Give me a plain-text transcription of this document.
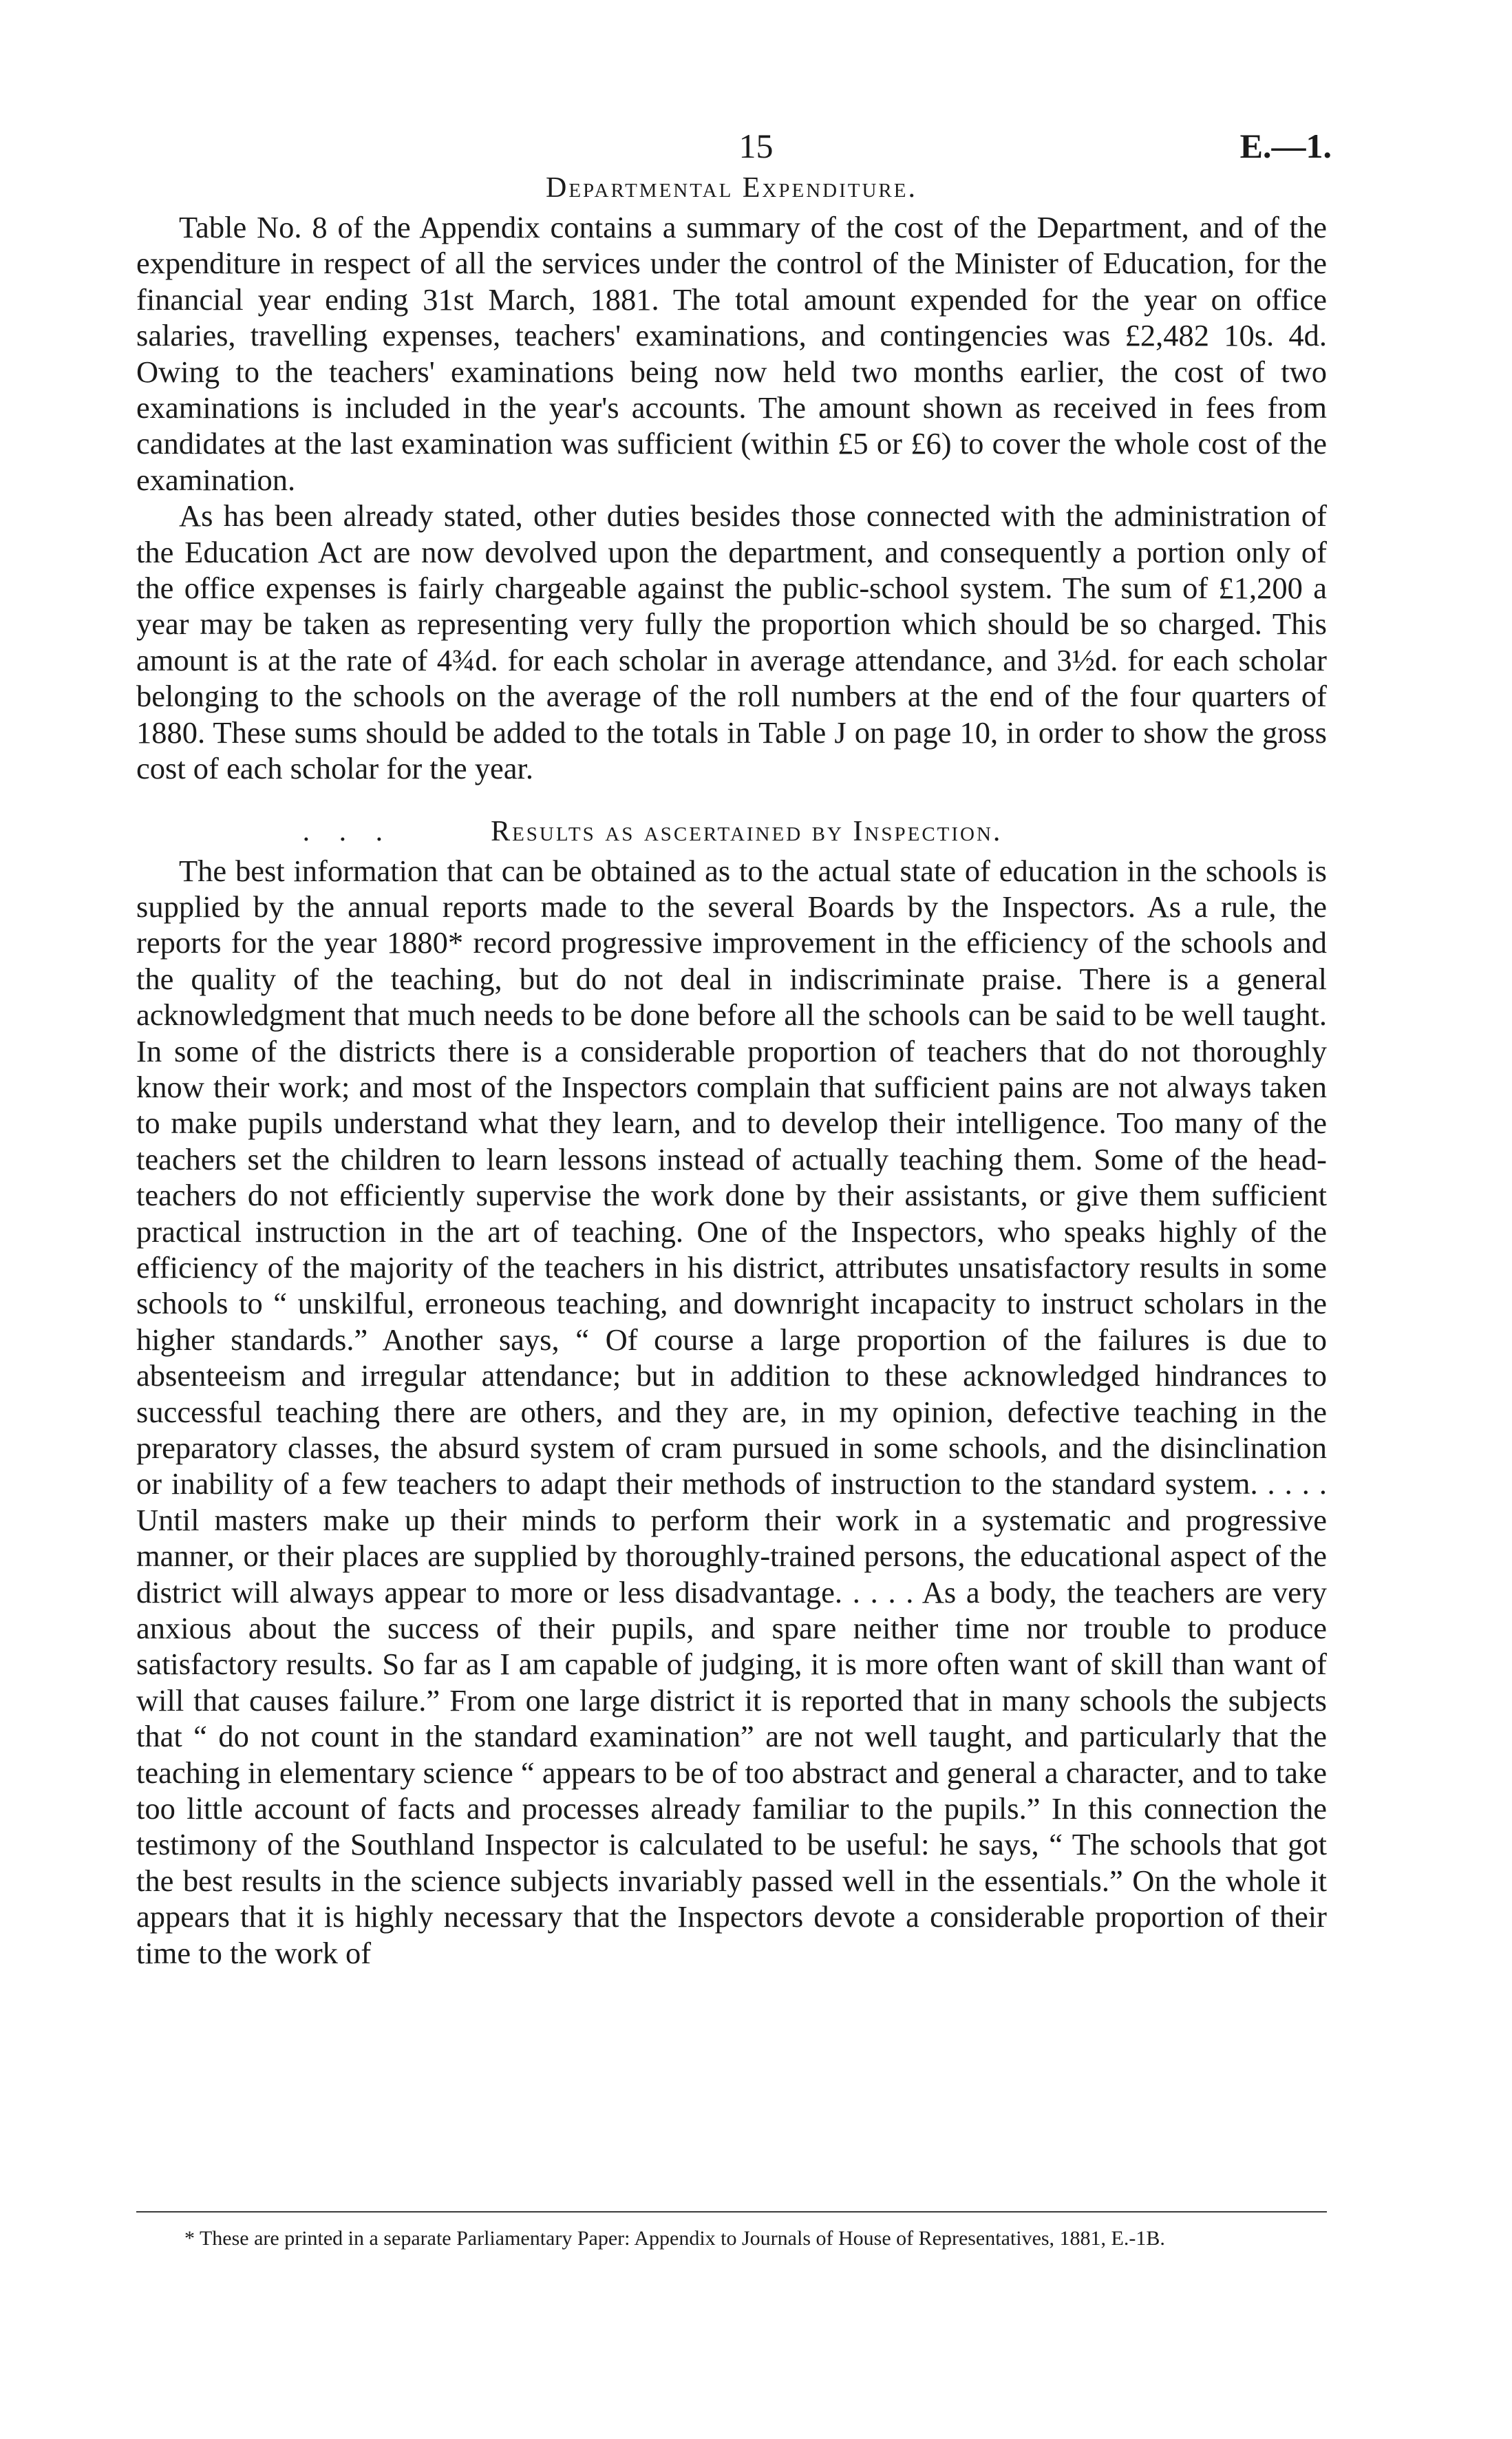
15	E.—1.
Departmental Expenditure.

Table No. 8 of the Appendix contains a summary of the cost of the Department, and of the expenditure in respect of all the services under the control of the Minister of Education, for the financial year ending 31st March, 1881. The total amount expended for the year on office salaries, travelling expenses, teachers' examinations, and contingencies was £2,482 10s. 4d. Owing to the teachers' examinations being now held two months earlier, the cost of two examinations is included in the year's accounts. The amount shown as received in fees from candidates at the last examination was sufficient (within £5 or £6) to cover the whole cost of the examination.

As has been already stated, other duties besides those connected with the administration of the Education Act are now devolved upon the department, and consequently a portion only of the office expenses is fairly chargeable against the public-school system. The sum of £1,200 a year may be taken as representing very fully the proportion which should be so charged. This amount is at the rate of 4¾d. for each scholar in average attendance, and 3½d. for each scholar belonging to the schools on the average of the roll numbers at the end of the four quarters of 1880. These sums should be added to the totals in Table J on page 10, in order to show the gross cost of each scholar for the year.

. . .	Results as ascertained by Inspection.

The best information that can be obtained as to the actual state of education in the schools is supplied by the annual reports made to the several Boards by the Inspectors. As a rule, the reports for the year 1880* record progressive improvement in the efficiency of the schools and the quality of the teaching, but do not deal in indiscriminate praise. There is a general acknowledgment that much needs to be done before all the schools can be said to be well taught. In some of the districts there is a considerable proportion of teachers that do not thoroughly know their work; and most of the Inspectors complain that sufficient pains are not always taken to make pupils understand what they learn, and to develop their intelligence. Too many of the teachers set the children to learn lessons instead of actually teaching them. Some of the head-teachers do not efficiently supervise the work done by their assistants, or give them sufficient practical instruction in the art of teaching. One of the Inspectors, who speaks highly of the efficiency of the majority of the teachers in his district, attributes unsatisfactory results in some schools to “ unskilful, erroneous teaching, and downright incapacity to instruct scholars in the higher standards.” Another says, “ Of course a large proportion of the failures is due to absenteeism and irregular attendance; but in addition to these acknowledged hindrances to successful teaching there are others, and they are, in my opinion, defective teaching in the preparatory classes, the absurd system of cram pursued in some schools, and the disinclination or inability of a few teachers to adapt their methods of instruction to the standard system. . . . . Until masters make up their minds to perform their work in a systematic and progressive manner, or their places are supplied by thoroughly-trained persons, the educational aspect of the district will always appear to more or less disadvantage. . . . . As a body, the teachers are very anxious about the success of their pupils, and spare neither time nor trouble to produce satisfactory results. So far as I am capable of judging, it is more often want of skill than want of will that causes failure.” From one large district it is reported that in many schools the subjects that “ do not count in the standard examination” are not well taught, and particularly that the teaching in elementary science “ appears to be of too abstract and general a character, and to take too little account of facts and processes already familiar to the pupils.” In this connection the testimony of the Southland Inspector is calculated to be useful: he says, “ The schools that got the best results in the science subjects invariably passed well in the essentials.” On the whole it appears that it is highly necessary that the Inspectors devote a considerable proportion of their time to the work of

* These are printed in a separate Parliamentary Paper: Appendix to Journals of House of Representatives, 1881, E.-1B.
